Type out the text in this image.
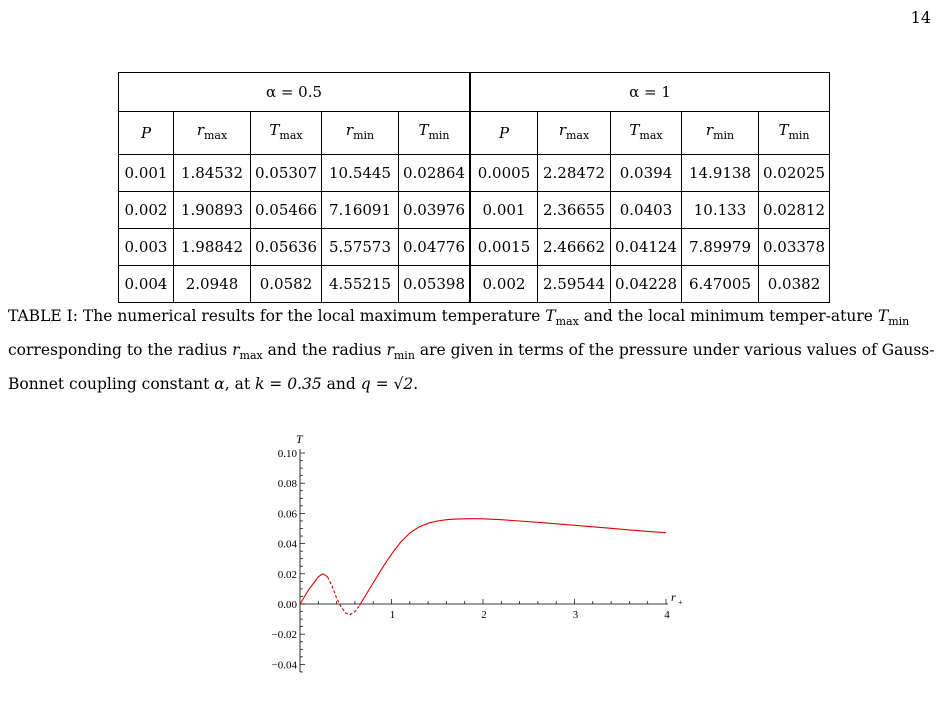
14
α = 0.5					α = 1				
P	$r_{max}$	$T_{max}$	$r_{min}$	$T_{min}$	P	$r_{max}$	$T_{max}$	$r_{min}$	$T_{min}$
0.001	1.84532	0.05307	10.5445	0.02864	0.0005	2.28472	0.0394	14.9138	0.02025
0.002	1.90893	0.05466	7.16091	0.03976	0.001	2.36655	0.0403	10.133	0.02812
0.003	1.98842	0.05636	5.57573	0.04776	0.0015	2.46662	0.04124	7.89979	0.03378
0.004	2.0948	0.0582	4.55215	0.05398	0.002	2.59544	0.04228	6.47005	0.0382
TABLE I: The numerical results for the local maximum temperature $T_{max}$ and the local minimum temper-ature $T_{min}$ corresponding to the radius $r_{max}$ and the radius $r_{min}$ are given in terms of the pressure under various values of Gauss-Bonnet coupling constant α, at k = 0.35 and q = √2.
1	2	3	4
0.10
0.08
0.06
0.04
0.02
0.00
−0.02
−0.04
T
r +
